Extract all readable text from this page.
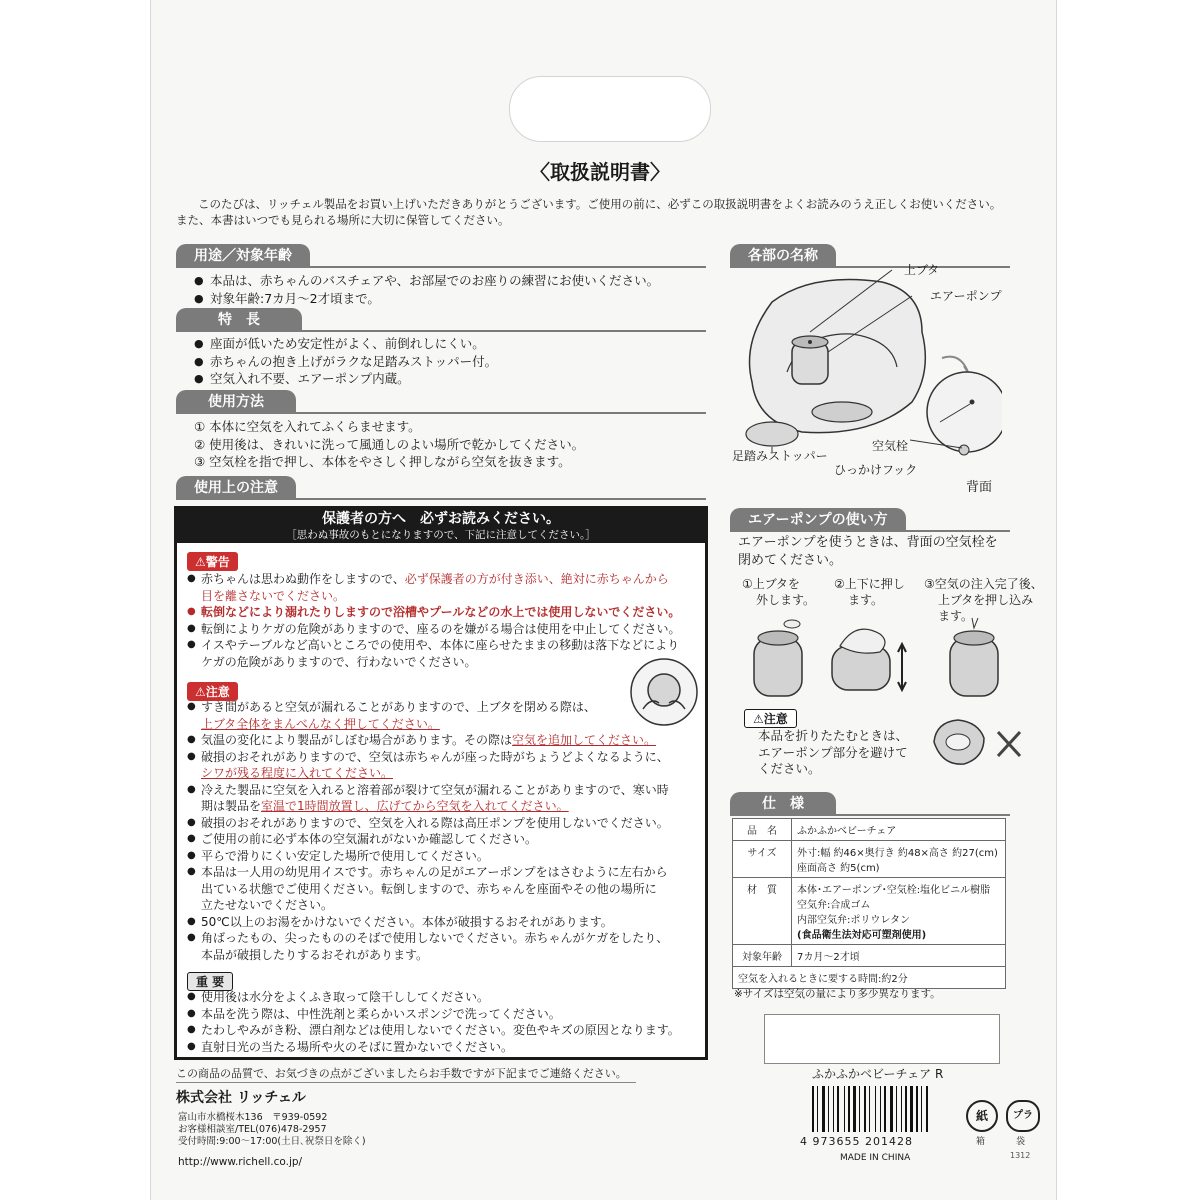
〈取扱説明書〉
このたびは、リッチェル製品をお買い上げいただきありがとうございます。ご使用の前に、必ずこの取扱説明書をよくお読みのうえ正しくお使いください。
また、本書はいつでも見られる場所に大切に保管してください。
用途／対象年齢
● 本品は、赤ちゃんのバスチェアや、お部屋でのお座りの練習にお使いください。
● 対象年齢:7カ月〜2才頃まで。
特　長
● 座面が低いため安定性がよく、前倒れしにくい。
● 赤ちゃんの抱き上げがラクな足踏みストッパー付。
● 空気入れ不要、エアーポンプ内蔵。
使用方法
① 本体に空気を入れてふくらませます。
② 使用後は、きれいに洗って風通しのよい場所で乾かしてください。
③ 空気栓を指で押し、本体をやさしく押しながら空気を抜きます。
使用上の注意
保護者の方へ　必ずお読みください。
［思わぬ事故のもとになりますので、下記に注意してください。］
⚠警告
● 赤ちゃんは思わぬ動作をしますので、必ず保護者の方が付き添い、絶対に赤ちゃんから
目を離さないでください。
● 転倒などにより溺れたりしますので浴槽やプールなどの水上では使用しないでください。
● 転倒によりケガの危険がありますので、座るのを嫌がる場合は使用を中止してください。
● イスやテーブルなど高いところでの使用や、本体に座らせたままの移動は落下などにより
ケガの危険がありますので、行わないでください。
⚠注意
● すき間があると空気が漏れることがありますので、上ブタを閉める際は、
上ブタ全体をまんべんなく押してください。
● 気温の変化により製品がしぼむ場合があります。その際は空気を追加してください。
● 破損のおそれがありますので、空気は赤ちゃんが座った時がちょうどよくなるように、
シワが残る程度に入れてください。
● 冷えた製品に空気を入れると溶着部が裂けて空気が漏れることがありますので、寒い時
期は製品を室温で1時間放置し、広げてから空気を入れてください。
● 破損のおそれがありますので、空気を入れる際は高圧ポンプを使用しないでください。
● ご使用の前に必ず本体の空気漏れがないか確認してください。
● 平らで滑りにくい安定した場所で使用してください。
● 本品は一人用の幼児用イスです。赤ちゃんの足がエアーポンプをはさむように左右から
出ている状態でご使用ください。転倒しますので、赤ちゃんを座面やその他の場所に
立たせないでください。
● 50℃以上のお湯をかけないでください。本体が破損するおそれがあります。
● 角ばったもの、尖ったもののそばで使用しないでください。赤ちゃんがケガをしたり、
本品が破損したりするおそれがあります。
重 要
● 使用後は水分をよくふき取って陰干ししてください。
● 本品を洗う際は、中性洗剤と柔らかいスポンジで洗ってください。
● たわしやみがき粉、漂白剤などは使用しないでください。変色やキズの原因となります。
● 直射日光の当たる場所や火のそばに置かないでください。
各部の名称
上ブタ
エアーポンプ
空気栓
足踏みストッパー
ひっかけフック
背面
エアーポンプの使い方
エアーポンプを使うときは、背面の空気栓を
閉めてください。
①上ブタを
外します。
②上下に押し
ます。
③空気の注入完了後、
上ブタを押し込み
ます。
⚠注意
本品を折りたたむときは、
エアーポンプ部分を避けて
ください。
仕　様
品　名	ふかふかベビーチェア
サイズ	外寸:幅 約46×奥行き 約48×高さ 約27(cm)
座面高さ 約5(cm)

材　質	本体･エアーポンプ･空気栓:塩化ビニル樹脂
空気弁:合成ゴム
内部空気弁:ポリウレタン
(食品衛生法対応可塑剤使用)

対象年齢	7カ月〜2才頃
空気を入れるときに要する時間:約2分	
※サイズは空気の量により多少異なります。
この商品の品質で、お気づきの点がございましたらお手数ですが下記までご連絡ください。
株式会社 リッチェル
富山市水橋桜木136　〒939-0592
お客様相談室/TEL(076)478-2957
受付時間:9:00〜17:00(土日､祝祭日を除く)
http://www.richell.co.jp/
ふかふかベビーチェア R
4 973655 201428
MADE IN CHINA
紙
箱
プラ
袋
1312
